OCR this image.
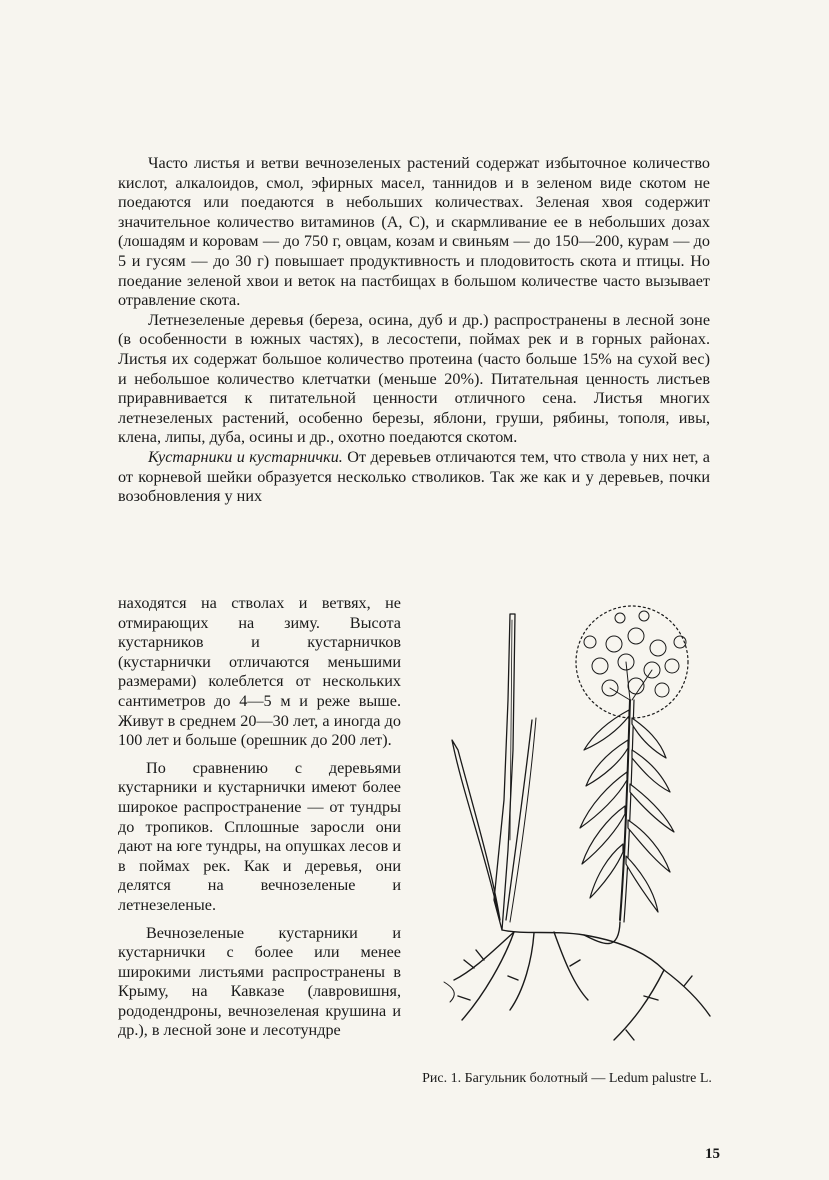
Часто листья и ветви вечнозеленых растений содержат избыточное количество кислот, алкалоидов, смол, эфирных масел, таннидов и в зеленом виде скотом не поедаются или поедаются в небольших количествах. Зеленая хвоя содержит значительное количество витаминов (А, С), и скармливание ее в небольших дозах (лошадям и коровам — до 750 г, овцам, козам и свиньям — до 150—200, курам — до 5 и гусям — до 30 г) повышает продуктивность и плодовитость скота и птицы. Но поедание зеленой хвои и веток на пастбищах в большом количестве часто вызывает отравление скота.

Летнезеленые деревья (береза, осина, дуб и др.) распространены в лесной зоне (в особенности в южных частях), в лесостепи, поймах рек и в горных районах. Листья их содержат большое количество протеина (часто больше 15% на сухой вес) и небольшое количество клетчатки (меньше 20%). Питательная ценность листьев приравнивается к питательной ценности отличного сена. Листья многих летнезеленых растений, особенно березы, яблони, груши, рябины, тополя, ивы, клена, липы, дуба, осины и др., охотно поедаются скотом.

Кустарники и кустарнички. От деревьев отличаются тем, что ствола у них нет, а от корневой шейки образуется несколько стволиков. Так же как и у деревьев, почки возобновления у них

находятся на стволах и ветвях, не отмирающих на зиму. Высота кустарников и кустарничков (кустарнички отличаются меньшими размерами) колеблется от нескольких сантиметров до 4—5 м и реже выше. Живут в среднем 20—30 лет, а иногда до 100 лет и больше (орешник до 200 лет).

По сравнению с деревьями кустарники и кустарнички имеют более широкое распространение — от тундры до тропиков. Сплошные заросли они дают на юге тундры, на опушках лесов и в поймах рек. Как и деревья, они делятся на вечнозеленые и летнезеленые.

Вечнозеленые кустарники и кустарнички с более или менее широкими листьями распространены в Крыму, на Кавказе (лавровишня, рододендроны, вечнозеленая крушина и др.), в лесной зоне и лесотундре

Рис. 1. Багульник болотный — Ledum palustre L.
15
